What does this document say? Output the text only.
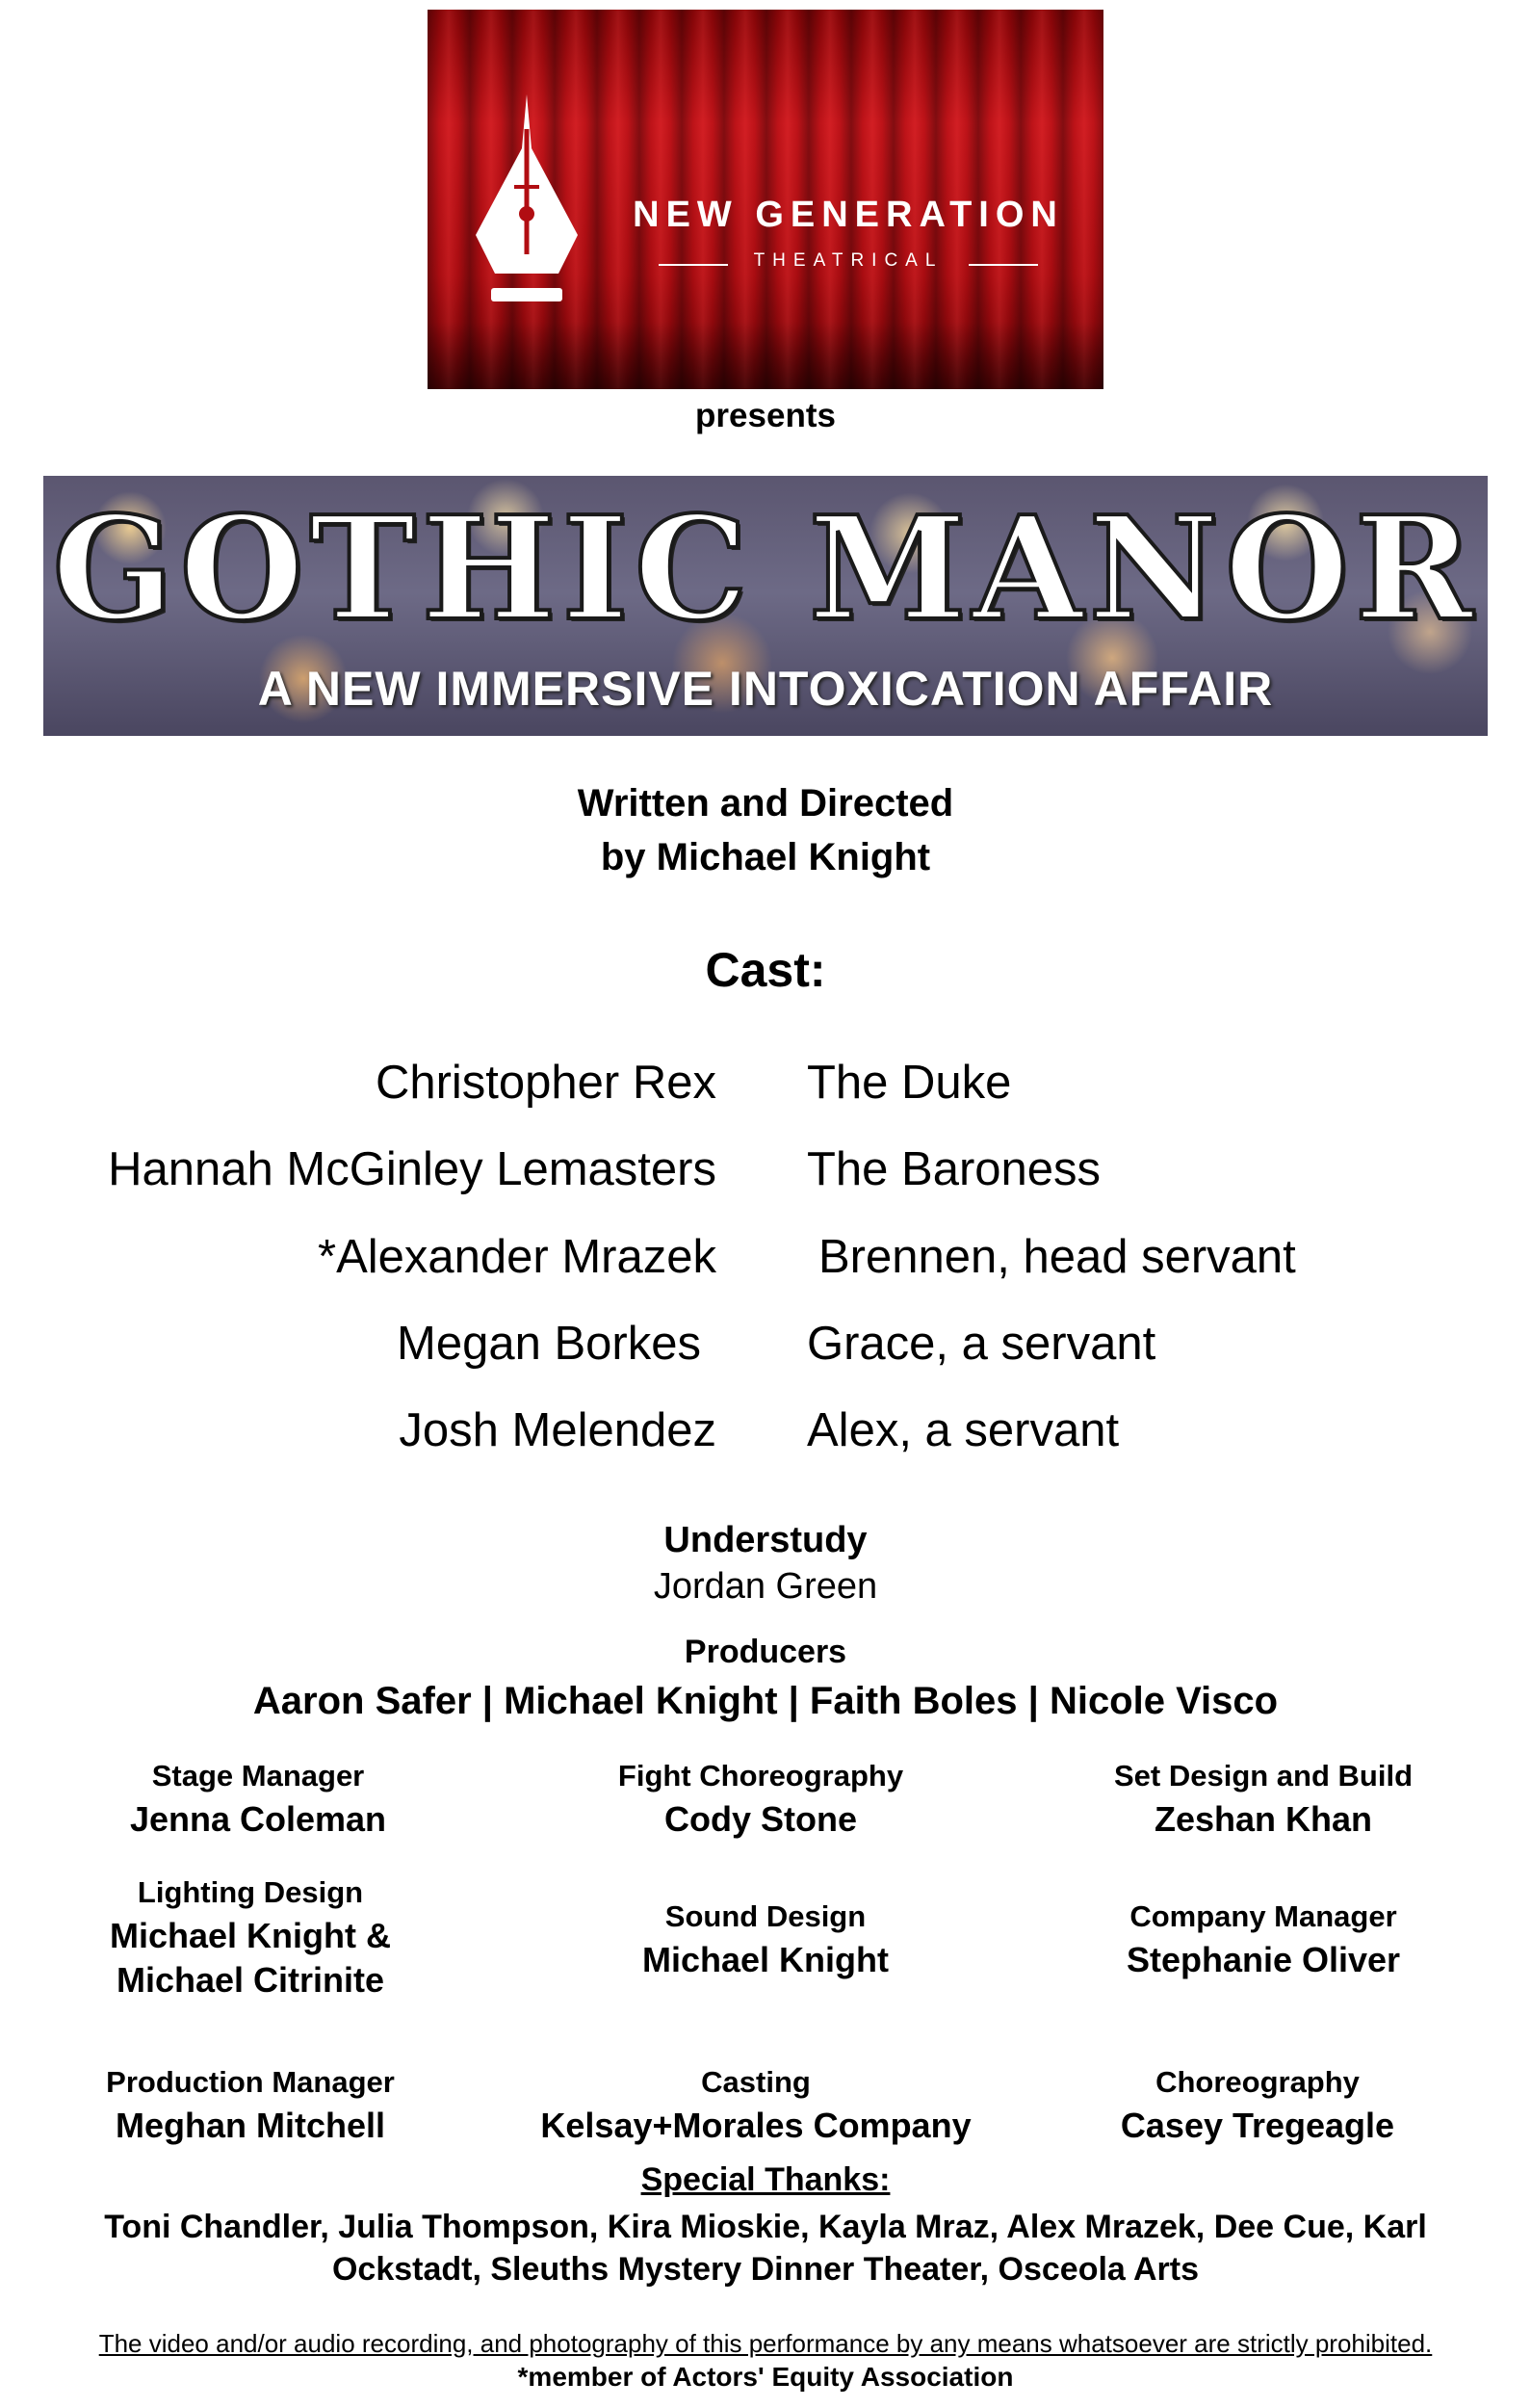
NEW GENERATION
THEATRICAL
presents
GOTHIC MANOR
A NEW IMMERSIVE INTOXICATION AFFAIR
Written and Directed
by Michael Knight
Cast:
Christopher Rex The Duke
Hannah McGinley Lemasters The Baroness
*Alexander Mrazek Brennen, head servant
Megan Borkes Grace, a servant
Josh Melendez Alex, a servant
Understudy
Jordan Green
Producers
Aaron Safer | Michael Knight | Faith Boles | Nicole Visco
Stage Manager
Jenna Coleman
Fight Choreography
Cody Stone
Set Design and Build
Zeshan Khan
Lighting Design
Michael Knight &
Michael Citrinite
Sound Design
Michael Knight
Company Manager
Stephanie Oliver
Production Manager
Meghan Mitchell
Casting
Kelsay+Morales Company
Choreography
Casey Tregeagle
Special Thanks:
Toni Chandler, Julia Thompson, Kira Mioskie, Kayla Mraz, Alex Mrazek, Dee Cue, Karl
Ockstadt, Sleuths Mystery Dinner Theater, Osceola Arts
The video and/or audio recording, and photography of this performance by any means whatsoever are strictly prohibited.
*member of Actors' Equity Association
